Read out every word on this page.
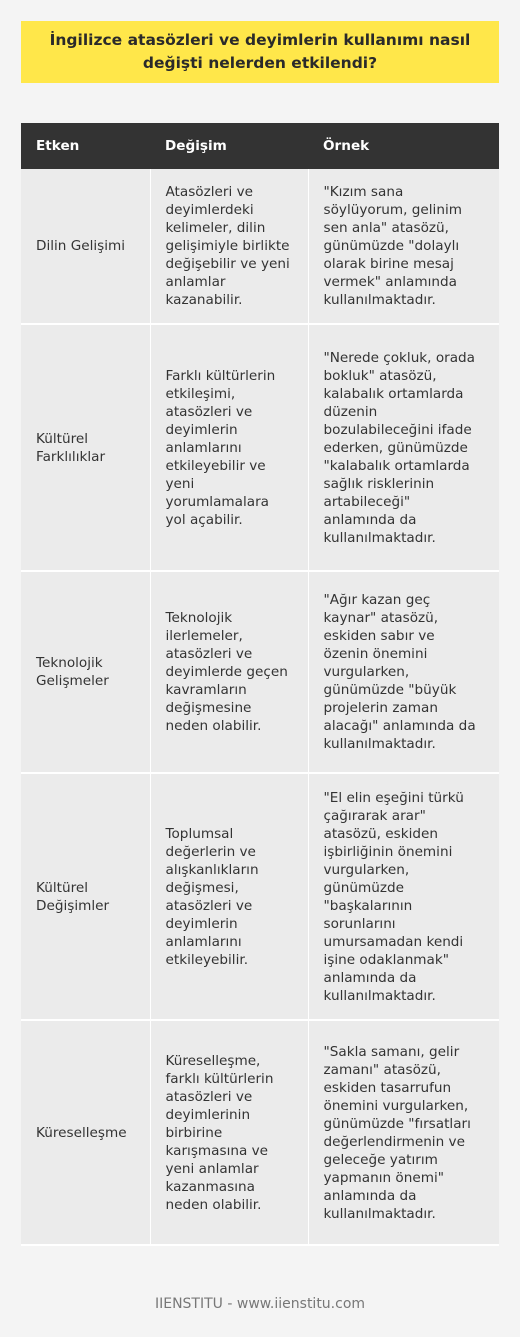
İngilizce atasözleri ve deyimlerin kullanımı nasıl değişti nelerden etkilendi?
Etken	Değişim	Örnek
Dilin Gelişimi	Atasözleri ve deyimlerdeki kelimeler, dilin gelişimiyle birlikte değişebilir ve yeni anlamlar kazanabilir.	"Kızım sana söylüyorum, gelinim sen anla" atasözü, günümüzde "dolaylı olarak birine mesaj vermek" anlamında kullanılmaktadır.
Kültürel Farklılıklar	Farklı kültürlerin etkileşimi, atasözleri ve deyimlerin anlamlarını etkileyebilir ve yeni yorumlamalara yol açabilir.	"Nerede çokluk, orada bokluk" atasözü, kalabalık ortamlarda düzenin bozulabileceğini ifade ederken, günümüzde "kalabalık ortamlarda sağlık risklerinin artabileceği" anlamında da kullanılmaktadır.
Teknolojik Gelişmeler	Teknolojik ilerlemeler, atasözleri ve deyimlerde geçen kavramların değişmesine neden olabilir.	"Ağır kazan geç kaynar" atasözü, eskiden sabır ve özenin önemini vurgularken, günümüzde "büyük projelerin zaman alacağı" anlamında da kullanılmaktadır.
Kültürel Değişimler	Toplumsal değerlerin ve alışkanlıkların değişmesi, atasözleri ve deyimlerin anlamlarını etkileyebilir.	"El elin eşeğini türkü çağırarak arar" atasözü, eskiden işbirliğinin önemini vurgularken, günümüzde "başkalarının sorunlarını umursamadan kendi işine odaklanmak" anlamında da kullanılmaktadır.
Küreselleşme	Küreselleşme, farklı kültürlerin atasözleri ve deyimlerinin birbirine karışmasına ve yeni anlamlar kazanmasına neden olabilir.	"Sakla samanı, gelir zamanı" atasözü, eskiden tasarrufun önemini vurgularken, günümüzde "fırsatları değerlendirmenin ve geleceğe yatırım yapmanın önemi" anlamında da kullanılmaktadır.
IIENSTITU - www.iienstitu.com
